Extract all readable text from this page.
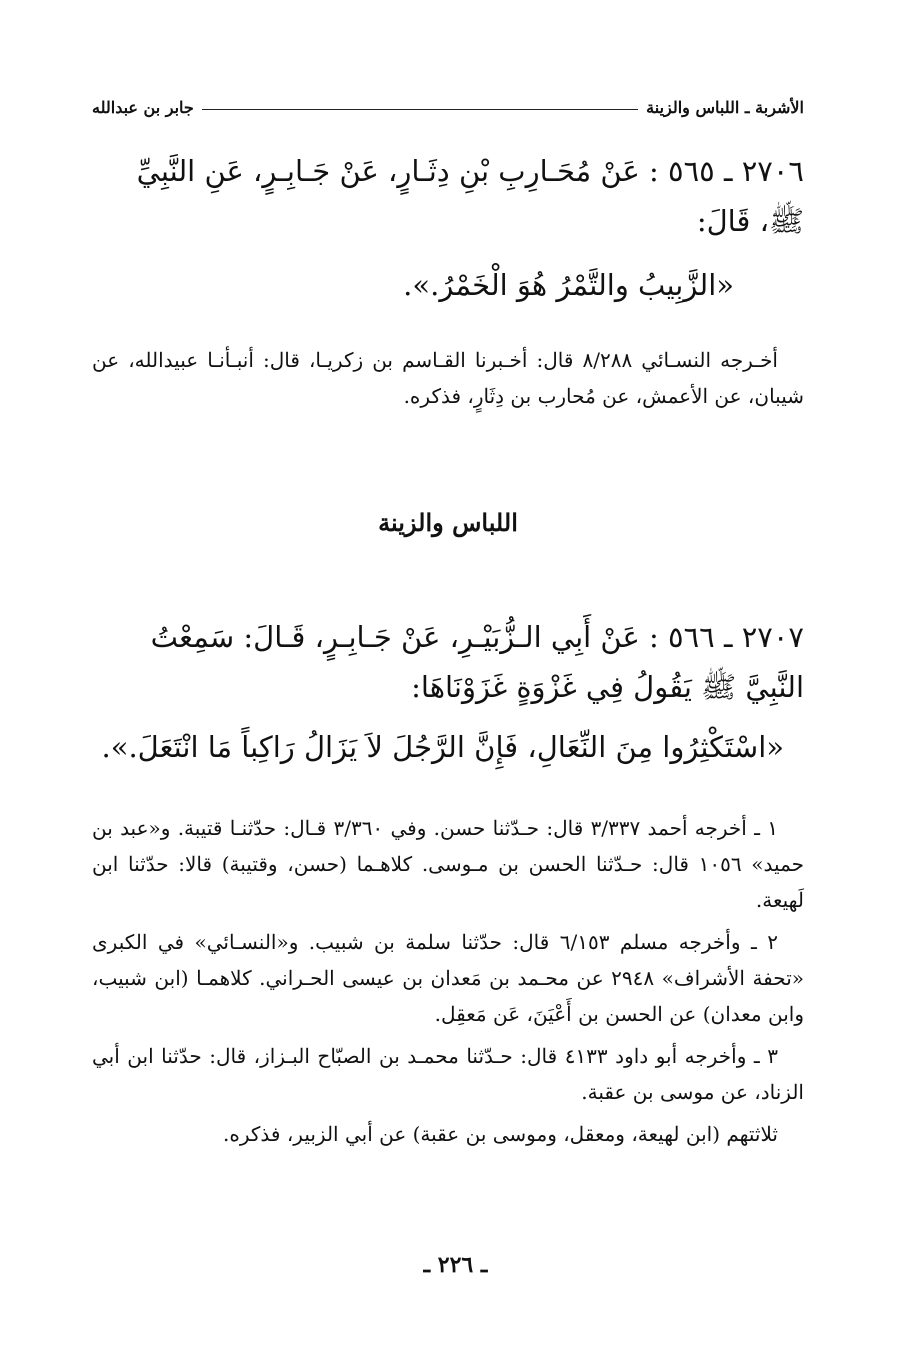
الأشربة ـ اللباس والزينة
جابر بن عبدالله
٢٧٠٦ ـ ٥٦٥ : عَنْ مُحَـارِبِ بْنِ دِثَـارٍ، عَنْ جَـابِـرٍ، عَنِ النَّبِيِّ
ﷺ، قَالَ:
«الزَّبِيبُ والتَّمْرُ هُوَ الْخَمْرُ.».

أخـرجه النسـائي ٨/٢٨٨ قال: أخـبرنا القـاسم بن زكريـا، قال: أنبـأنـا عبيدالله، عن شيبان، عن الأعمش، عن مُحارب بن دِثَارٍ، فذكره.

اللباس والزينة
٢٧٠٧ ـ ٥٦٦ : عَنْ أَبِي الـزُّبَيْـرِ، عَنْ جَـابِـرٍ، قَـالَ: سَمِعْتُ
النَّبِيَّ ﷺ يَقُولُ فِي غَزْوَةٍ غَزَوْنَاهَا:
«اسْتَكْثِرُوا مِنَ النِّعَالِ، فَإِنَّ الرَّجُلَ لاَ يَزَالُ رَاكِباً مَا انْتَعَلَ.».

١ ـ أخرجه أحمد ٣/٣٣٧ قال: حـدّثنا حسن. وفي ٣/٣٦٠ قـال: حدّثنـا قتيبة. و«عبد بن حميد» ١٠٥٦ قال: حـدّثنا الحسن بن مـوسى. كلاهـما (حسن، وقتيبة) قالا: حدّثنا ابن لَهيعة.

٢ ـ وأخرجه مسلم ٦/١٥٣ قال: حدّثنا سلمة بن شبيب. و«النسـائي» في الكبرى «تحفة الأشراف» ٢٩٤٨ عن محـمد بن مَعدان بن عيسى الحـراني. كلاهمـا (ابن شبيب، وابن معدان) عن الحسن بن أَعْيَنَ، عَن مَعقِل.

٣ ـ وأخرجه أبو داود ٤١٣٣ قال: حـدّثنا محمـد بن الصبّاح البـزاز، قال: حدّثنا ابن أبي الزناد، عن موسى بن عقبة.

ثلاثتهم (ابن لهيعة، ومعقل، وموسى بن عقبة) عن أبي الزبير، فذكره.

ـ ٢٢٦ ـ
